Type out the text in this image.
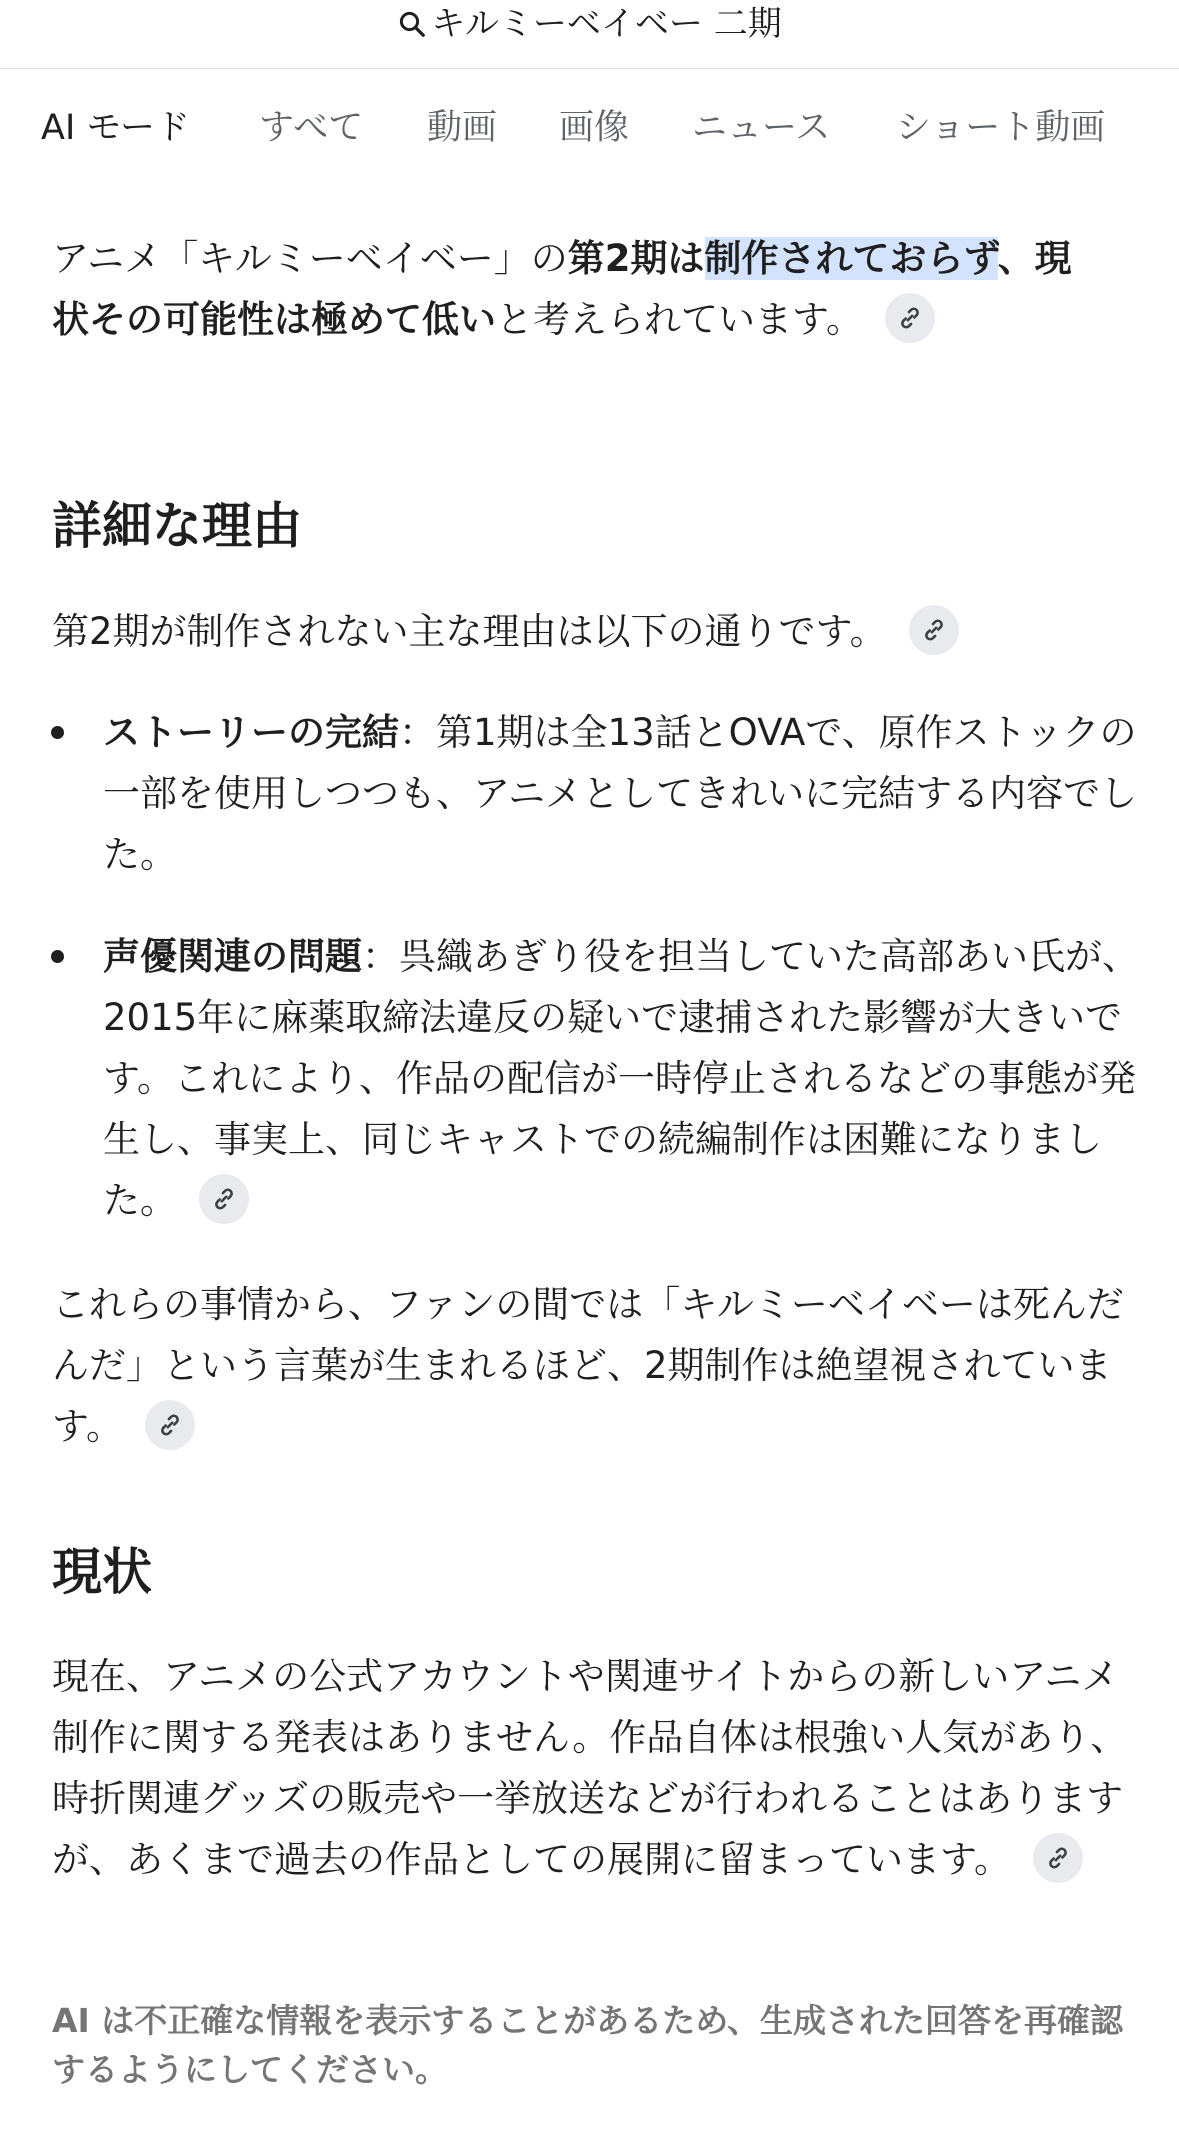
キルミーベイベー 二期
AI モード すべて 動画 画像 ニュース ショート動画
アニメ「キルミーベイベー」の第2期は制作されておらず、現状その可能性は極めて低いと考えられています。
詳細な理由
第2期が制作されない主な理由は以下の通りです。
ストーリーの完結：第1期は全13話とOVAで、原作ストックの一部を使用しつつも、アニメとしてきれいに完結する内容でした。
声優関連の問題：呉織あぎり役を担当していた高部あい氏が、2015年に麻薬取締法違反の疑いで逮捕された影響が大きいです。これにより、作品の配信が一時停止されるなどの事態が発生し、事実上、同じキャストでの続編制作は困難になりました。
これらの事情から、ファンの間では「キルミーベイベーは死んだんだ」という言葉が生まれるほど、2期制作は絶望視されています。
現状
現在、アニメの公式アカウントや関連サイトからの新しいアニメ制作に関する発表はありません。作品自体は根強い人気があり、時折関連グッズの販売や一挙放送などが行われることはありますが、あくまで過去の作品としての展開に留まっています。
AI は不正確な情報を表示することがあるため、生成された回答を再確認するようにしてください。
